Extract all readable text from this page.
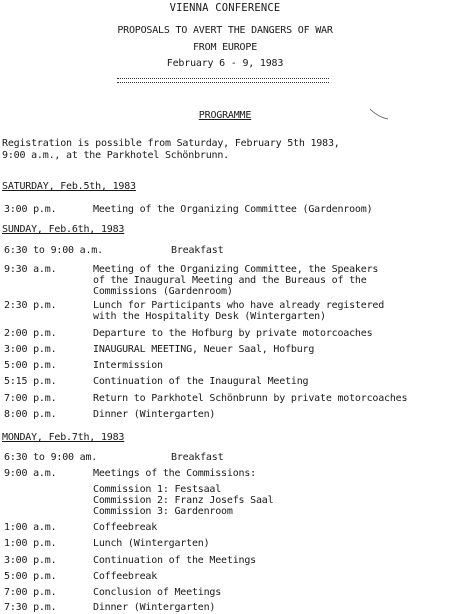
VIENNA CONFERENCE
PROPOSALS TO AVERT THE DANGERS OF WAR
FROM EUROPE
February 6 - 9, 1983
PROGRAMME
Registration is possible from Saturday, February 5th 1983,
9:00 a.m., at the Parkhotel Schönbrunn.
SATURDAY, Feb.5th, 1983
3:00 p.m.	Meeting of the Organizing Committee (Gardenroom)
SUNDAY, Feb.6th, 1983
6:30 to 9:00 a.m.	Breakfast
9:30 a.m.	Meeting of the Organizing Committee, the Speakers
of the Inaugural Meeting and the Bureaus of the
Commissions (Gardenroom)
2:30 p.m.	Lunch for Participants who have already registered
with the Hospitality Desk (Wintergarten)
2:00 p.m.	Departure to the Hofburg by private motorcoaches
3:00 p.m.	INAUGURAL MEETING, Neuer Saal, Hofburg
5:00 p.m.	Intermission
5:15 p.m.	Continuation of the Inaugural Meeting
7:00 p.m.	Return to Parkhotel Schönbrunn by private motorcoaches
8:00 p.m.	Dinner (Wintergarten)
MONDAY, Feb.7th, 1983
6:30 to 9:00 am.	Breakfast
9:00 a.m.	Meetings of the Commissions:
Commission 1: Festsaal
Commission 2: Franz Josefs Saal
Commission 3: Gardenroom
1:00 a.m.	Coffeebreak
1:00 p.m.	Lunch (Wintergarten)
3:00 p.m.	Continuation of the Meetings
5:00 p.m.	Coffeebreak
7:00 p.m.	Conclusion of Meetings
7:30 p.m.	Dinner (Wintergarten)
